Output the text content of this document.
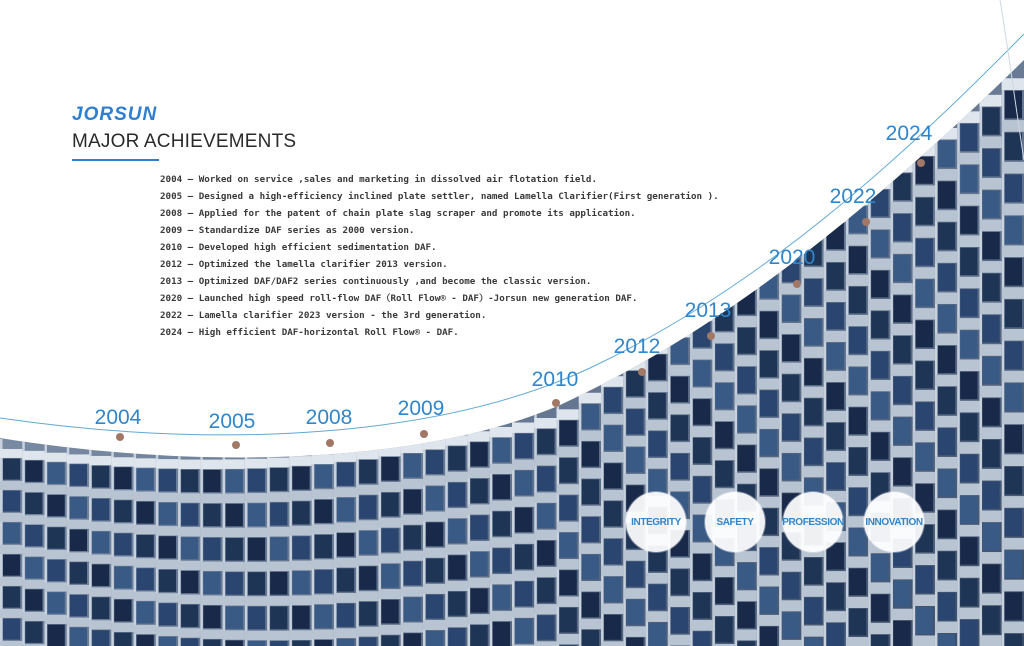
JORSUN
MAJOR ACHIEVEMENTS
2004 — Worked on service ,sales and marketing in dissolved air flotation field.
2005 — Designed a high-efficiency inclined plate settler, named Lamella Clarifier(First generation ).
2008 — Applied for the patent of chain plate slag scraper and promote its application.
2009 — Standardize DAF series as 2000 version.
2010 — Developed high efficient sedimentation DAF.
2012 — Optimized the lamella clarifier 2013 version.
2013 — Optimized DAF/DAF2 series continuously ,and become the classic version.
2020 — Launched high speed roll-flow DAF（Roll Flow® - DAF）-Jorsun new generation DAF.
2022 — Lamella clarifier 2023 version - the 3rd generation.
2024 — High efficient DAF-horizontal Roll Flow® - DAF.
2004	2005 2008 2009
2010
2012
2013
2020
2022
2024
INTEGRITY	SAFETY	PROFESSION INNOVATION
